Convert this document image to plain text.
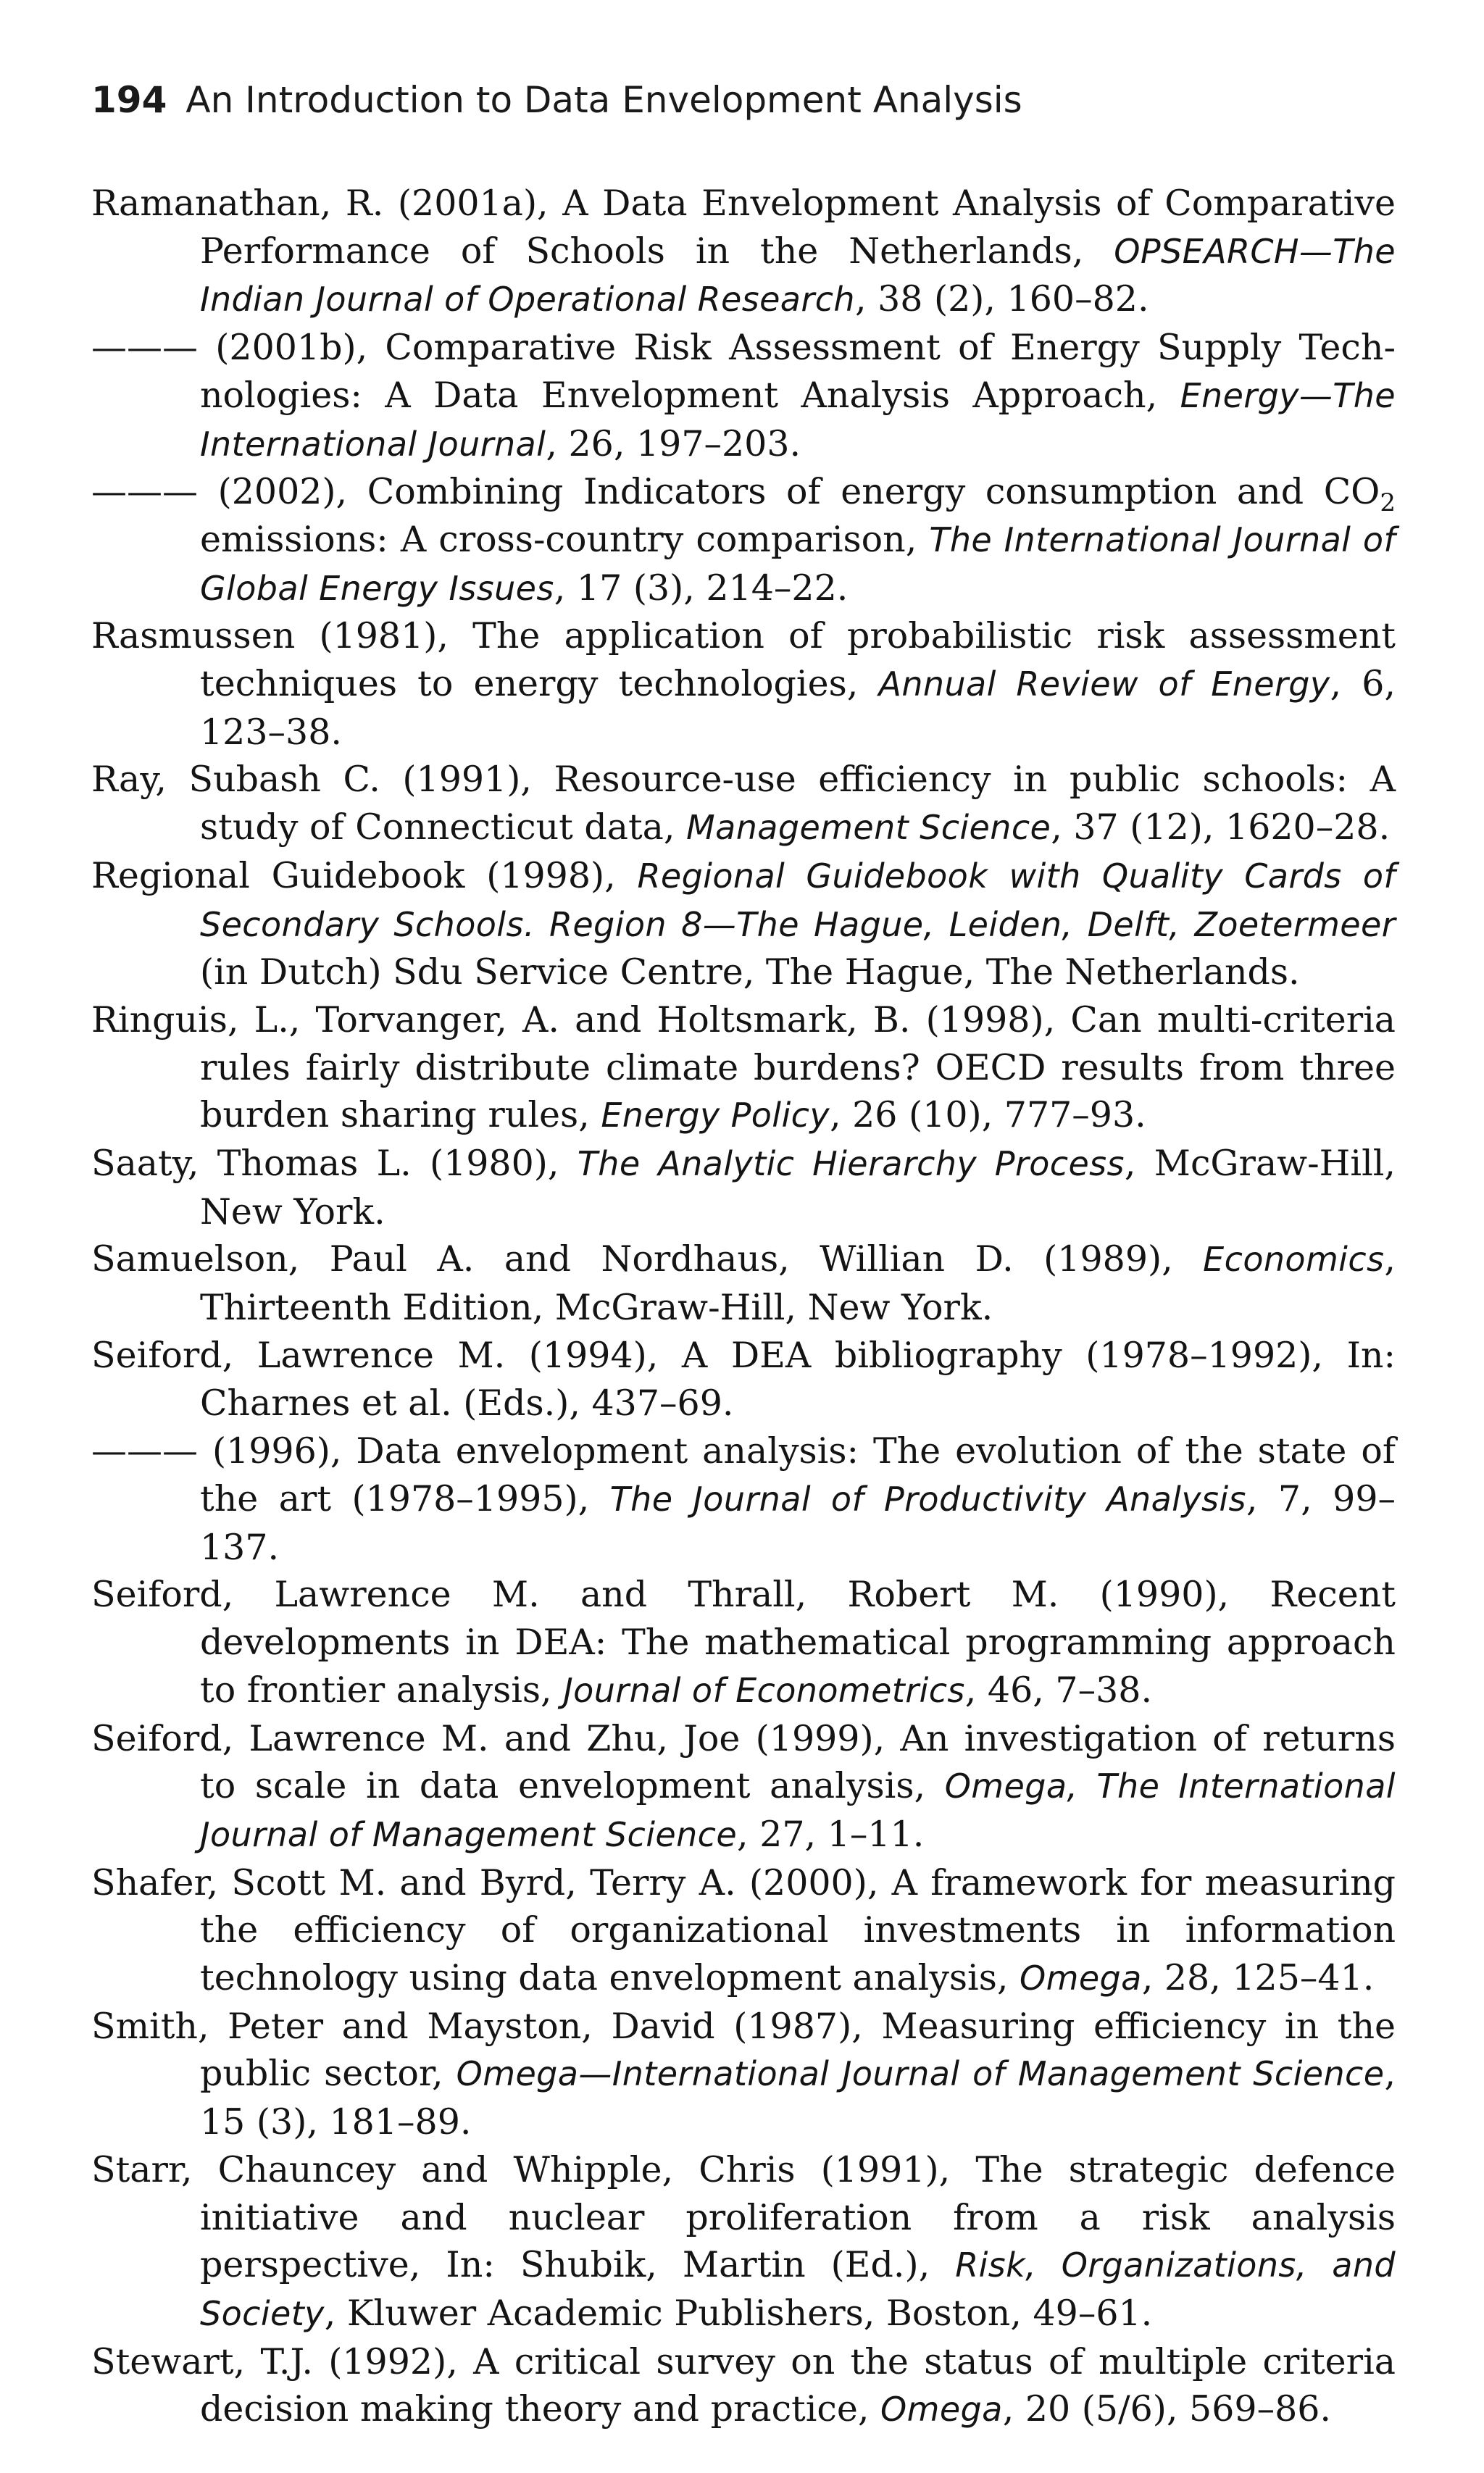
194 An Introduction to Data Envelopment Analysis

Ramanathan, R. (2001a), A Data Envelopment Analysis of Comparative Performance of Schools in the Netherlands, OPSEARCH—The Indian Journal of Operational Research, 38 (2), 160–82.

——— (2001b), Comparative Risk Assessment of Energy Supply Technologies: A Data Envelopment Analysis Approach, Energy—The International Journal, 26, 197–203.

——— (2002), Combining Indicators of energy consumption and $CO_2$ emissions: A cross-country comparison, The International Journal of Global Energy Issues, 17 (3), 214–22.

Rasmussen (1981), The application of probabilistic risk assessment techniques to energy technologies, Annual Review of Energy, 6, 123–38.

Ray, Subash C. (1991), Resource-use efficiency in public schools: A study of Connecticut data, Management Science, 37 (12), 1620–28.

Regional Guidebook (1998), Regional Guidebook with Quality Cards of Secondary Schools. Region 8—The Hague, Leiden, Delft, Zoetermeer (in Dutch) Sdu Service Centre, The Hague, The Netherlands.

Ringuis, L., Torvanger, A. and Holtsmark, B. (1998), Can multi-criteria rules fairly distribute climate burdens? OECD results from three burden sharing rules, Energy Policy, 26 (10), 777–93.

Saaty, Thomas L. (1980), The Analytic Hierarchy Process, McGraw-Hill, New York.

Samuelson, Paul A. and Nordhaus, Willian D. (1989), Economics, Thirteenth Edition, McGraw-Hill, New York.

Seiford, Lawrence M. (1994), A DEA bibliography (1978–1992), In: Charnes et al. (Eds.), 437–69.

——— (1996), Data envelopment analysis: The evolution of the state of the art (1978–1995), The Journal of Productivity Analysis, 7, 99– 137.

Seiford, Lawrence M. and Thrall, Robert M. (1990), Recent developments in DEA: The mathematical programming approach to frontier analysis, Journal of Econometrics, 46, 7–38.

Seiford, Lawrence M. and Zhu, Joe (1999), An investigation of returns to scale in data envelopment analysis, Omega, The International Journal of Management Science, 27, 1–11.

Shafer, Scott M. and Byrd, Terry A. (2000), A framework for measuring the efficiency of organizational investments in information technology using data envelopment analysis, Omega, 28, 125–41.

Smith, Peter and Mayston, David (1987), Measuring efficiency in the public sector, Omega—International Journal of Management Science, 15 (3), 181–89.

Starr, Chauncey and Whipple, Chris (1991), The strategic defence initiative and nuclear proliferation from a risk analysis perspective, In: Shubik, Martin (Ed.), Risk, Organizations, and Society, Kluwer Academic Publishers, Boston, 49–61.

Stewart, T.J. (1992), A critical survey on the status of multiple criteria decision making theory and practice, Omega, 20 (5/6), 569–86.
